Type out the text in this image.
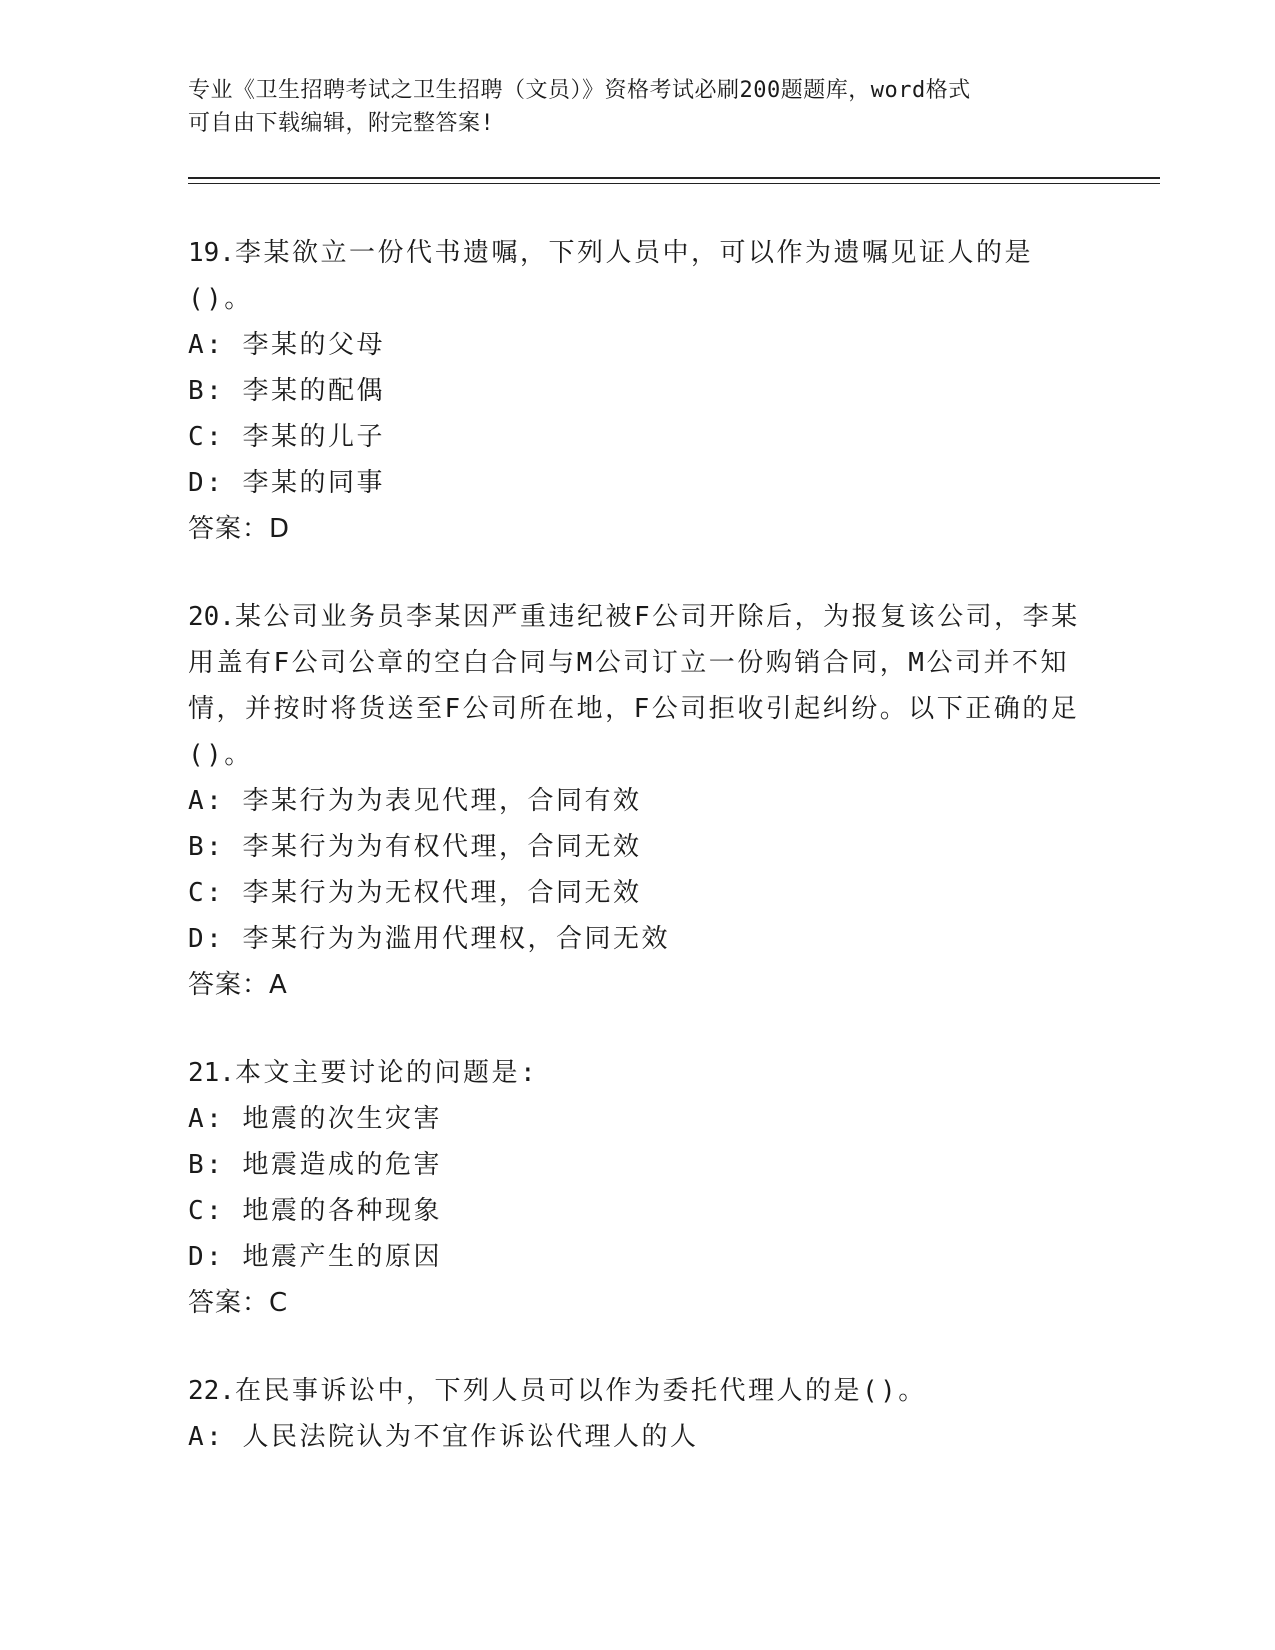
专业《卫生招聘考试之卫生招聘（文员）》资格考试必刷200题题库，word格式
可自由下载编辑，附完整答案!
19.李某欲立一份代书遗嘱，下列人员中，可以作为遗嘱见证人的是()。
A: 李某的父母
B: 李某的配偶
C: 李某的儿子
D: 李某的同事
答案：D
20.某公司业务员李某因严重违纪被F公司开除后，为报复该公司，李某用盖有F公司公章的空白合同与M公司订立一份购销合同，M公司并不知情，并按时将货送至F公司所在地，F公司拒收引起纠纷。以下正确的足()。
A: 李某行为为表见代理，合同有效
B: 李某行为为有权代理，合同无效
C: 李某行为为无权代理，合同无效
D: 李某行为为滥用代理权，合同无效
答案：A
21.本文主要讨论的问题是:
A: 地震的次生灾害
B: 地震造成的危害
C: 地震的各种现象
D: 地震产生的原因
答案：C
22.在民事诉讼中，下列人员可以作为委托代理人的是()。
A: 人民法院认为不宜作诉讼代理人的人
